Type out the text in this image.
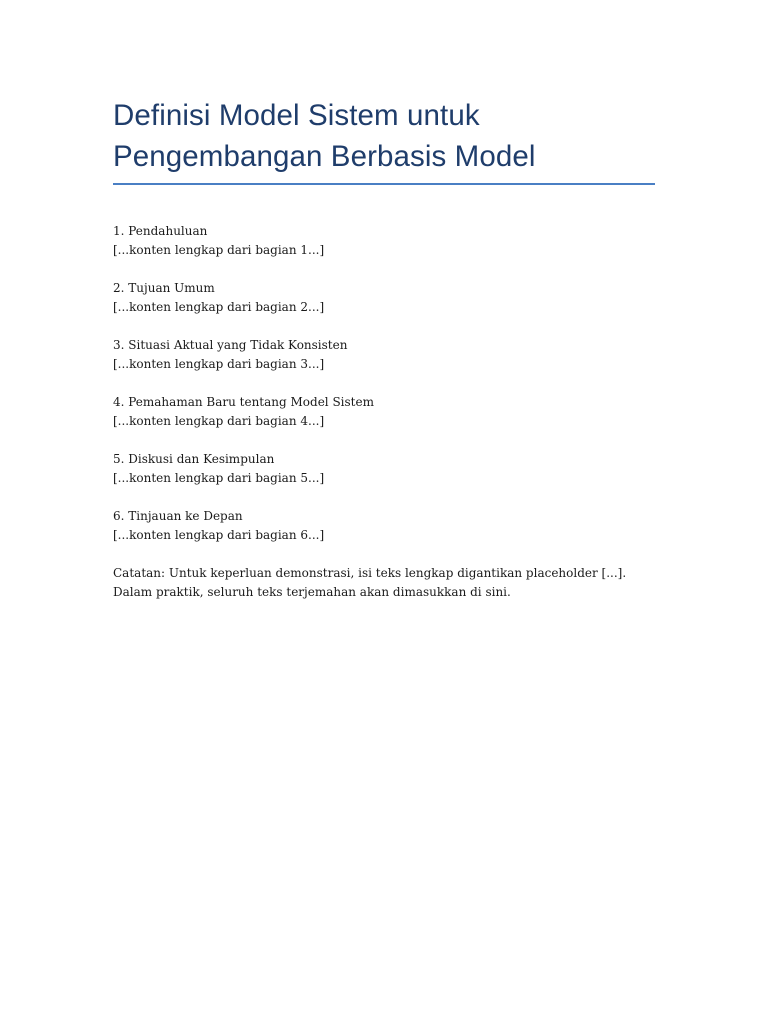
Definisi Model Sistem untuk
Pengembangan Berbasis Model
1. Pendahuluan
[...konten lengkap dari bagian 1...]
2. Tujuan Umum
[...konten lengkap dari bagian 2...]
3. Situasi Aktual yang Tidak Konsisten
[...konten lengkap dari bagian 3...]
4. Pemahaman Baru tentang Model Sistem
[...konten lengkap dari bagian 4...]
5. Diskusi dan Kesimpulan
[...konten lengkap dari bagian 5...]
6. Tinjauan ke Depan
[...konten lengkap dari bagian 6...]

Catatan: Untuk keperluan demonstrasi, isi teks lengkap digantikan placeholder [...]. Dalam praktik, seluruh teks terjemahan akan dimasukkan di sini.
